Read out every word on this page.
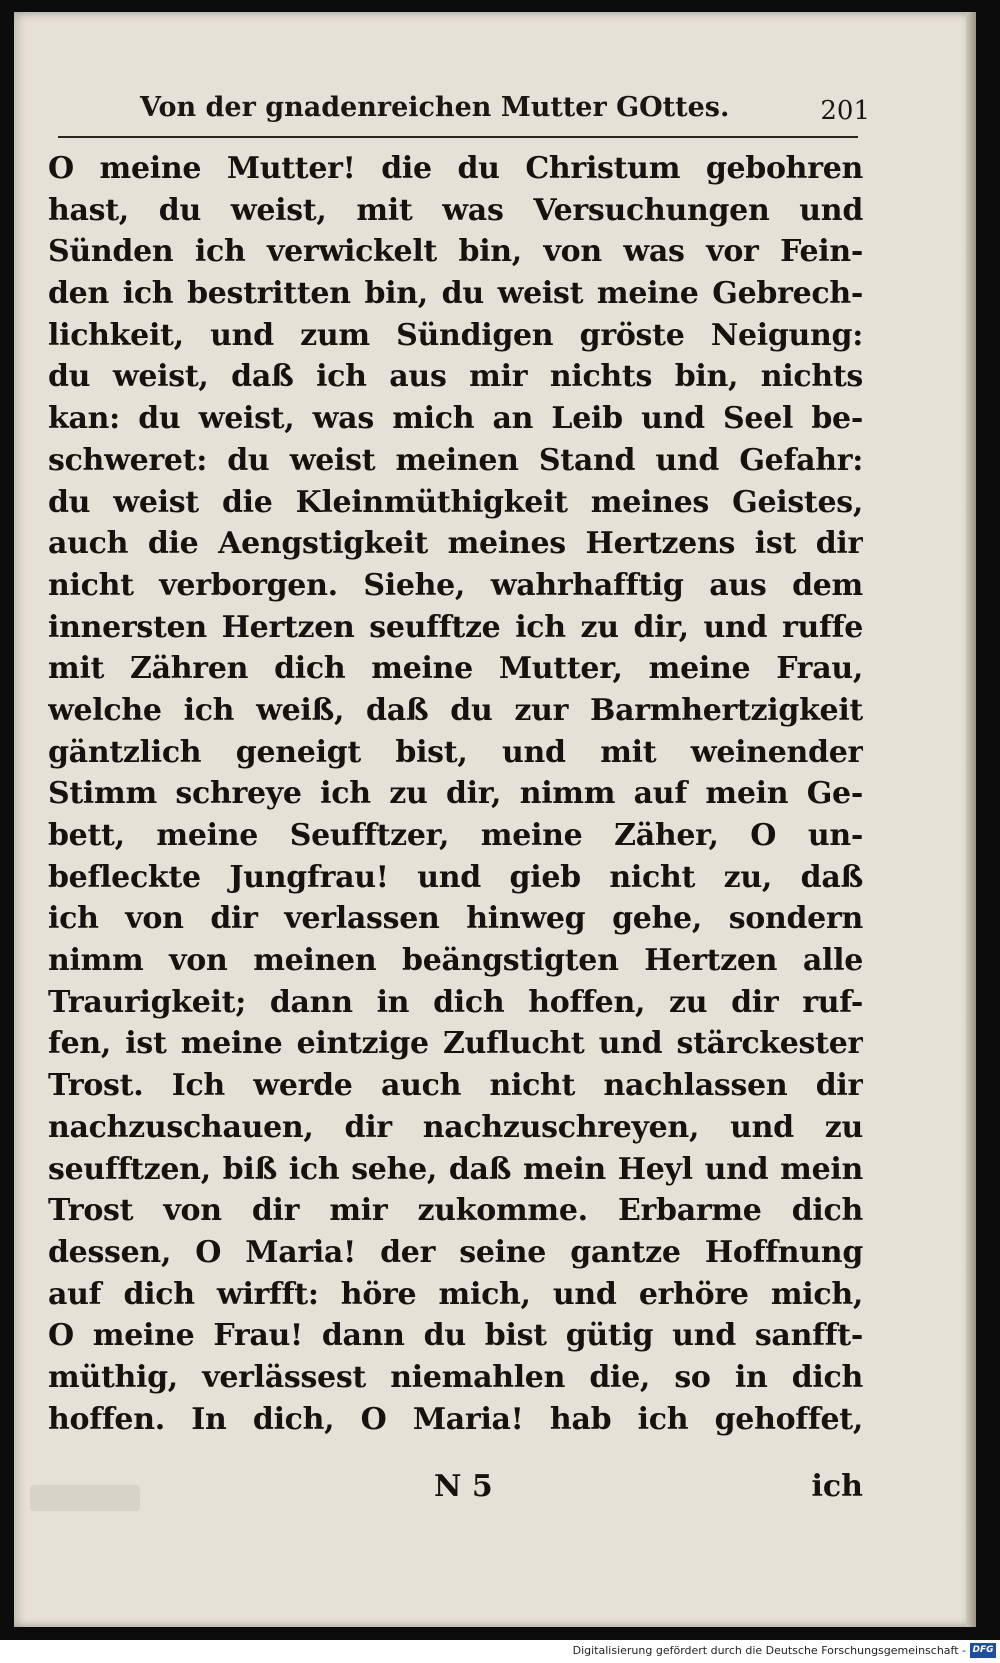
Von der gnadenreichen Mutter GOttes.	201
O meine Mutter! die du Christum gebohren
hast, du weist, mit was Versuchungen und
Sünden ich verwickelt bin, von was vor Fein-
den ich bestritten bin, du weist meine Gebrech-
lichkeit, und zum Sündigen gröste Neigung:
du weist, daß ich aus mir nichts bin, nichts
kan: du weist, was mich an Leib und Seel be-
schweret: du weist meinen Stand und Gefahr:
du weist die Kleinmüthigkeit meines Geistes,
auch die Aengstigkeit meines Hertzens ist dir
nicht verborgen. Siehe, wahrhafftig aus dem
innersten Hertzen seufftze ich zu dir, und ruffe
mit Zähren dich meine Mutter, meine Frau,
welche ich weiß, daß du zur Barmhertzigkeit
gäntzlich geneigt bist, und mit weinender
Stimm schreye ich zu dir, nimm auf mein Ge-
bett, meine Seufftzer, meine Zäher, O un-
befleckte Jungfrau! und gieb nicht zu, daß
ich von dir verlassen hinweg gehe, sondern
nimm von meinen beängstigten Hertzen alle
Traurigkeit; dann in dich hoffen, zu dir ruf-
fen, ist meine eintzige Zuflucht und stärckester
Trost. Ich werde auch nicht nachlassen dir
nachzuschauen, dir nachzuschreyen, und zu
seufftzen, biß ich sehe, daß mein Heyl und mein
Trost von dir mir zukomme. Erbarme dich
dessen, O Maria! der seine gantze Hoffnung
auf dich wirfft: höre mich, und erhöre mich,
O meine Frau! dann du bist gütig und sanfft-
müthig, verlässest niemahlen die, so in dich
hoffen. In dich, O Maria! hab ich gehoffet,
N 5	ich
Digitalisierung gefördert durch die Deutsche Forschungsgemeinschaft - DFG
